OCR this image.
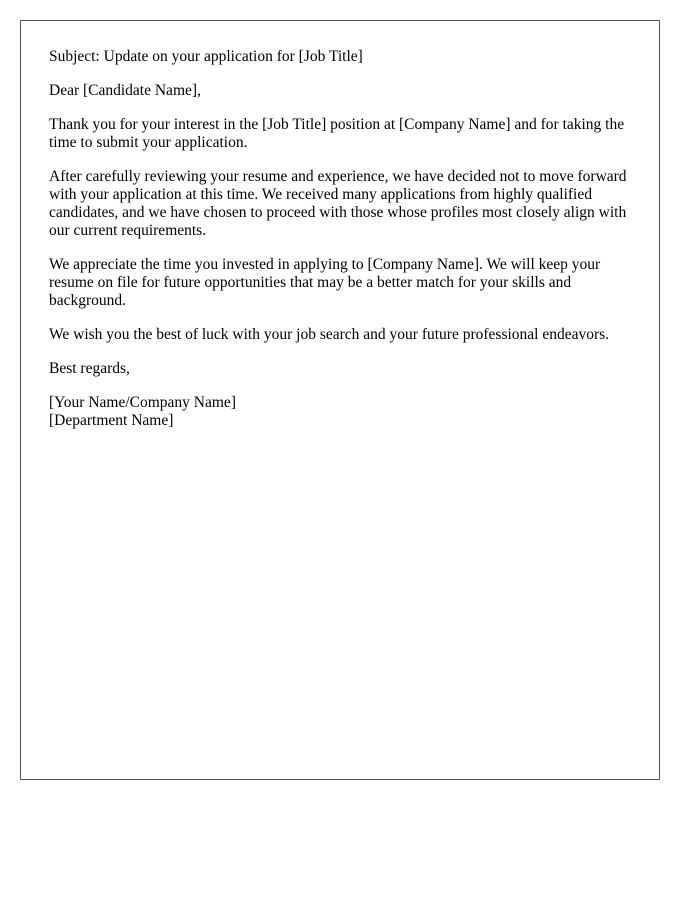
Subject: Update on your application for [Job Title]

Dear [Candidate Name],

Thank you for your interest in the [Job Title] position at [Company Name] and for taking the time to submit your application.

After carefully reviewing your resume and experience, we have decided not to move forward with your application at this time. We received many applications from highly qualified candidates, and we have chosen to proceed with those whose profiles most closely align with our current requirements.

We appreciate the time you invested in applying to [Company Name]. We will keep your resume on file for future opportunities that may be a better match for your skills and background.

We wish you the best of luck with your job search and your future professional endeavors.

Best regards,

[Your Name/Company Name]
[Department Name]
